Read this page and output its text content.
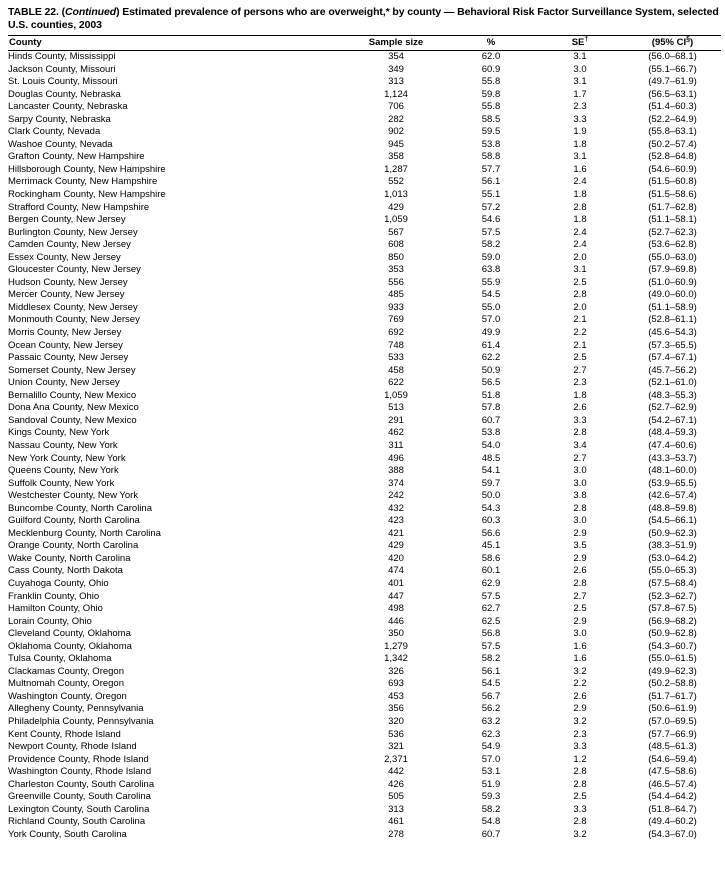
TABLE 22. (Continued) Estimated prevalence of persons who are overweight,* by county — Behavioral Risk Factor Surveillance System, selected U.S. counties, 2003
County	Sample size	%	SE†	(95% CI§)
Hinds County, Mississippi	354	62.0	3.1	(56.0–68.1)
Jackson County, Missouri	349	60.9	3.0	(55.1–66.7)
St. Louis County, Missouri	313	55.8	3.1	(49.7–61.9)
Douglas County, Nebraska	1,124	59.8	1.7	(56.5–63.1)
Lancaster County, Nebraska	706	55.8	2.3	(51.4–60.3)
Sarpy County, Nebraska	282	58.5	3.3	(52.2–64.9)
Clark County, Nevada	902	59.5	1.9	(55.8–63.1)
Washoe County, Nevada	945	53.8	1.8	(50.2–57.4)
Grafton County, New Hampshire	358	58.8	3.1	(52.8–64.8)
Hillsborough County, New Hampshire	1,287	57.7	1.6	(54.6–60.9)
Merrimack County, New Hampshire	552	56.1	2.4	(51.5–60.8)
Rockingham County, New Hampshire	1,013	55.1	1.8	(51.5–58.6)
Strafford County, New Hampshire	429	57.2	2.8	(51.7–62.8)
Bergen County, New Jersey	1,059	54.6	1.8	(51.1–58.1)
Burlington County, New Jersey	567	57.5	2.4	(52.7–62.3)
Camden County, New Jersey	608	58.2	2.4	(53.6–62.8)
Essex County, New Jersey	850	59.0	2.0	(55.0–63.0)
Gloucester County, New Jersey	353	63.8	3.1	(57.9–69.8)
Hudson County, New Jersey	556	55.9	2.5	(51.0–60.9)
Mercer County, New Jersey	485	54.5	2.8	(49.0–60.0)
Middlesex County, New Jersey	933	55.0	2.0	(51.1–58.9)
Monmouth County, New Jersey	769	57.0	2.1	(52.8–61.1)
Morris County, New Jersey	692	49.9	2.2	(45.6–54.3)
Ocean County, New Jersey	748	61.4	2.1	(57.3–65.5)
Passaic County, New Jersey	533	62.2	2.5	(57.4–67.1)
Somerset County, New Jersey	458	50.9	2.7	(45.7–56.2)
Union County, New Jersey	622	56.5	2.3	(52.1–61.0)
Bernalillo County, New Mexico	1,059	51.8	1.8	(48.3–55.3)
Dona Ana County, New Mexico	513	57.8	2.6	(52.7–62.9)
Sandoval County, New Mexico	291	60.7	3.3	(54.2–67.1)
Kings County, New York	462	53.8	2.8	(48.4–59.3)
Nassau County, New York	311	54.0	3.4	(47.4–60.6)
New York County, New York	496	48.5	2.7	(43.3–53.7)
Queens County, New York	388	54.1	3.0	(48.1–60.0)
Suffolk County, New York	374	59.7	3.0	(53.9–65.5)
Westchester County, New York	242	50.0	3.8	(42.6–57.4)
Buncombe County, North Carolina	432	54.3	2.8	(48.8–59.8)
Guilford County, North Carolina	423	60.3	3.0	(54.5–66.1)
Mecklenburg County, North Carolina	421	56.6	2.9	(50.9–62.3)
Orange County, North Carolina	429	45.1	3.5	(38.3–51.9)
Wake County, North Carolina	420	58.6	2.9	(53.0–64.2)
Cass County, North Dakota	474	60.1	2.6	(55.0–65.3)
Cuyahoga County, Ohio	401	62.9	2.8	(57.5–68.4)
Franklin County, Ohio	447	57.5	2.7	(52.3–62.7)
Hamilton County, Ohio	498	62.7	2.5	(57.8–67.5)
Lorain County, Ohio	446	62.5	2.9	(56.9–68.2)
Cleveland County, Oklahoma	350	56.8	3.0	(50.9–62.8)
Oklahoma County, Oklahoma	1,279	57.5	1.6	(54.3–60.7)
Tulsa County, Oklahoma	1,342	58.2	1.6	(55.0–61.5)
Clackamas County, Oregon	326	56.1	3.2	(49.9–62.3)
Multnomah County, Oregon	693	54.5	2.2	(50.2–58.8)
Washington County, Oregon	453	56.7	2.6	(51.7–61.7)
Allegheny County, Pennsylvania	356	56.2	2.9	(50.6–61.9)
Philadelphia County, Pennsylvania	320	63.2	3.2	(57.0–69.5)
Kent County, Rhode Island	536	62.3	2.3	(57.7–66.9)
Newport County, Rhode Island	321	54.9	3.3	(48.5–61.3)
Providence County, Rhode Island	2,371	57.0	1.2	(54.6–59.4)
Washington County, Rhode Island	442	53.1	2.8	(47.5–58.6)
Charleston County, South Carolina	426	51.9	2.8	(46.5–57.4)
Greenville County, South Carolina	505	59.3	2.5	(54.4–64.2)
Lexington County, South Carolina	313	58.2	3.3	(51.8–64.7)
Richland County, South Carolina	461	54.8	2.8	(49.4–60.2)
York County, South Carolina	278	60.7	3.2	(54.3–67.0)
